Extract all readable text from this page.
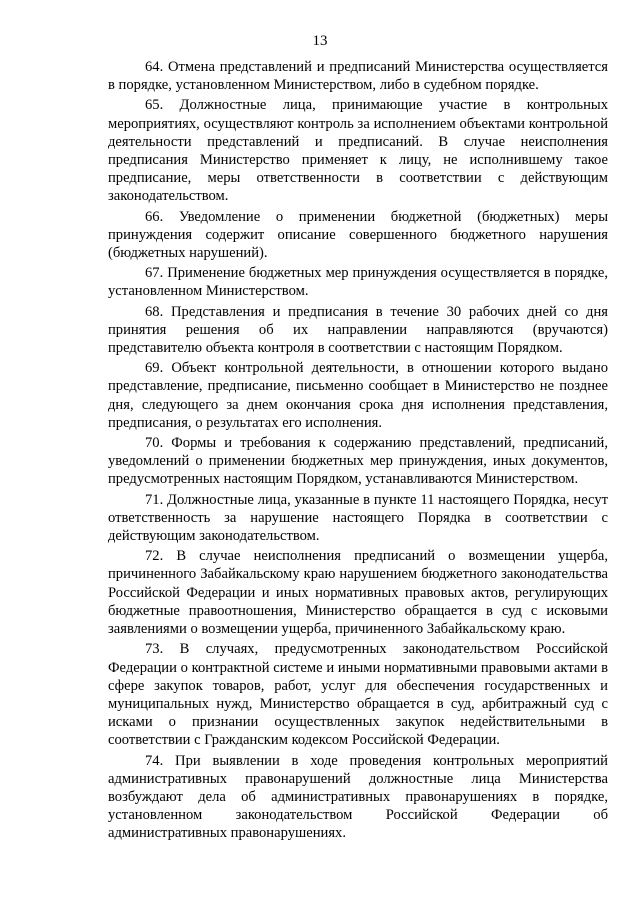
13

64. Отмена представлений и предписаний Министерства осуществляется в порядке, установленном Министерством, либо в судебном порядке.

65. Должностные лица, принимающие участие в контрольных мероприятиях, осуществляют контроль за исполнением объектами контрольной деятельности представлений и предписаний. В случае неисполнения предписания Министерство применяет к лицу, не исполнившему такое предписание, меры ответственности в соответствии с действующим законодательством.

66. Уведомление о применении бюджетной (бюджетных) меры принуждения содержит описание совершенного бюджетного нарушения (бюджетных нарушений).

67. Применение бюджетных мер принуждения осуществляется в порядке, установленном Министерством.

68. Представления и предписания в течение 30 рабочих дней со дня принятия решения об их направлении направляются (вручаются) представителю объекта контроля в соответствии с настоящим Порядком.

69. Объект контрольной деятельности, в отношении которого выдано представление, предписание, письменно сообщает в Министерство не позднее дня, следующего за днем окончания срока дня исполнения представления, предписания, о результатах его исполнения.

70. Формы и требования к содержанию представлений, предписаний, уведомлений о применении бюджетных мер принуждения, иных документов, предусмотренных настоящим Порядком, устанавливаются Министерством.

71. Должностные лица, указанные в пункте 11 настоящего Порядка, несут ответственность за нарушение настоящего Порядка в соответствии с действующим законодательством.

72. В случае неисполнения предписаний о возмещении ущерба, причиненного Забайкальскому краю нарушением бюджетного законодательства Российской Федерации и иных нормативных правовых актов, регулирующих бюджетные правоотношения, Министерство обращается в суд с исковыми заявлениями о возмещении ущерба, причиненного Забайкальскому краю.

73. В случаях, предусмотренных законодательством Российской Федерации о контрактной системе и иными нормативными правовыми актами в сфере закупок товаров, работ, услуг для обеспечения государственных и муниципальных нужд, Министерство обращается в суд, арбитражный суд с исками о признании осуществленных закупок недействительными в соответствии с Гражданским кодексом Российской Федерации.

74. При выявлении в ходе проведения контрольных мероприятий административных правонарушений должностные лица Министерства возбуждают дела об административных правонарушениях в порядке, установленном законодательством Российской Федерации об административных правонарушениях.
